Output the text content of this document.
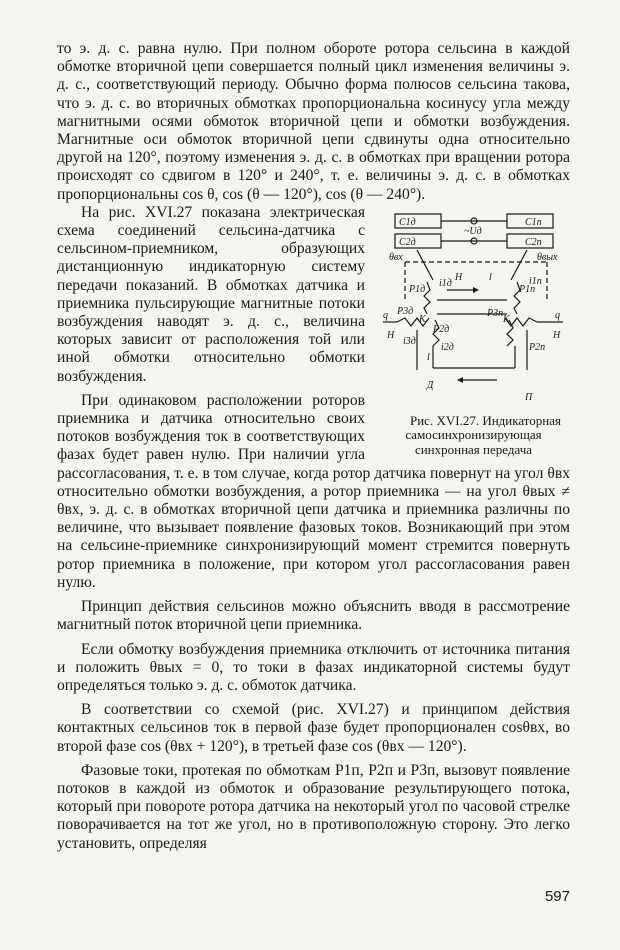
то э. д. с. равна нулю. При полном обороте ротора сельсина в каждой обмотке вторичной цепи совершается полный цикл изменения величины э. д. с., соответствующий периоду. Обычно форма полюсов сельсина такова, что э. д. с. во вторичных обмотках пропорциональна косинусу угла между магнитными осями обмоток вторичной цепи и обмотки возбуждения. Магнитные оси обмоток вторичной цепи сдвинуты одна относительно другой на 120°, поэтому изменения э. д. с. в обмотках при вращении ротора происходят со сдвигом в 120° и 240°, т. е. величины э. д. с. в обмотках пропорциональны cos θ, cos (θ — 120°), cos (θ — 240°).

C1д
C2д
C1п
C2п
~Uд
θвх	θвых
P1д
P2д
P3д
P1п
P2п
P3п
i1д
i2д
i3д
i1п
K	K
q	q
Н	Н
l
l
Н
Д
П
Рис. XVI.27. Индикаторная самосинхронизирующая синхронная передача
На рис. XVI.27 показана электрическая схема соединений сельсина-датчика с сельсином-приемником, образующих дистанционную индикаторную систему передачи показаний. В обмотках датчика и приемника пульсирующие магнитные потоки возбуждения наводят э. д. с., величина которых зависит от расположения той или иной обмотки относительно обмотки возбуждения.

При одинаковом расположении роторов приемника и датчика относительно своих потоков возбуждения ток в соответствующих фазах будет равен нулю. При наличии угла рассогласования, т. е. в том случае, когда ротор датчика повернут на угол θвх относительно обмотки возбуждения, а ротор приемника — на угол θвых ≠ θвх, э. д. с. в обмотках вторичной цепи датчика и приемника различны по величине, что вызывает появление фазовых токов. Возникающий при этом на сельсине-приемнике синхронизирующий момент стремится повернуть ротор приемника в положение, при котором угол рассогласования равен нулю.

Принцип действия сельсинов можно объяснить вводя в рассмотрение магнитный поток вторичной цепи приемника.

Если обмотку возбуждения приемника отключить от источника питания и положить θвых = 0, то токи в фазах индикаторной системы будут определяться только э. д. с. обмоток датчика.

В соответствии со схемой (рис. XVI.27) и принципом действия контактных сельсинов ток в первой фазе будет пропорционален cosθвх, во второй фазе cos (θвх + 120°), в третьей фазе cos (θвх — 120°).

Фазовые токи, протекая по обмоткам P1п, P2п и P3п, вызовут появление потоков в каждой из обмоток и образование результирующего потока, который при повороте ротора датчика на некоторый угол по часовой стрелке поворачивается на тот же угол, но в противоположную сторону. Это легко установить, определяя

597
